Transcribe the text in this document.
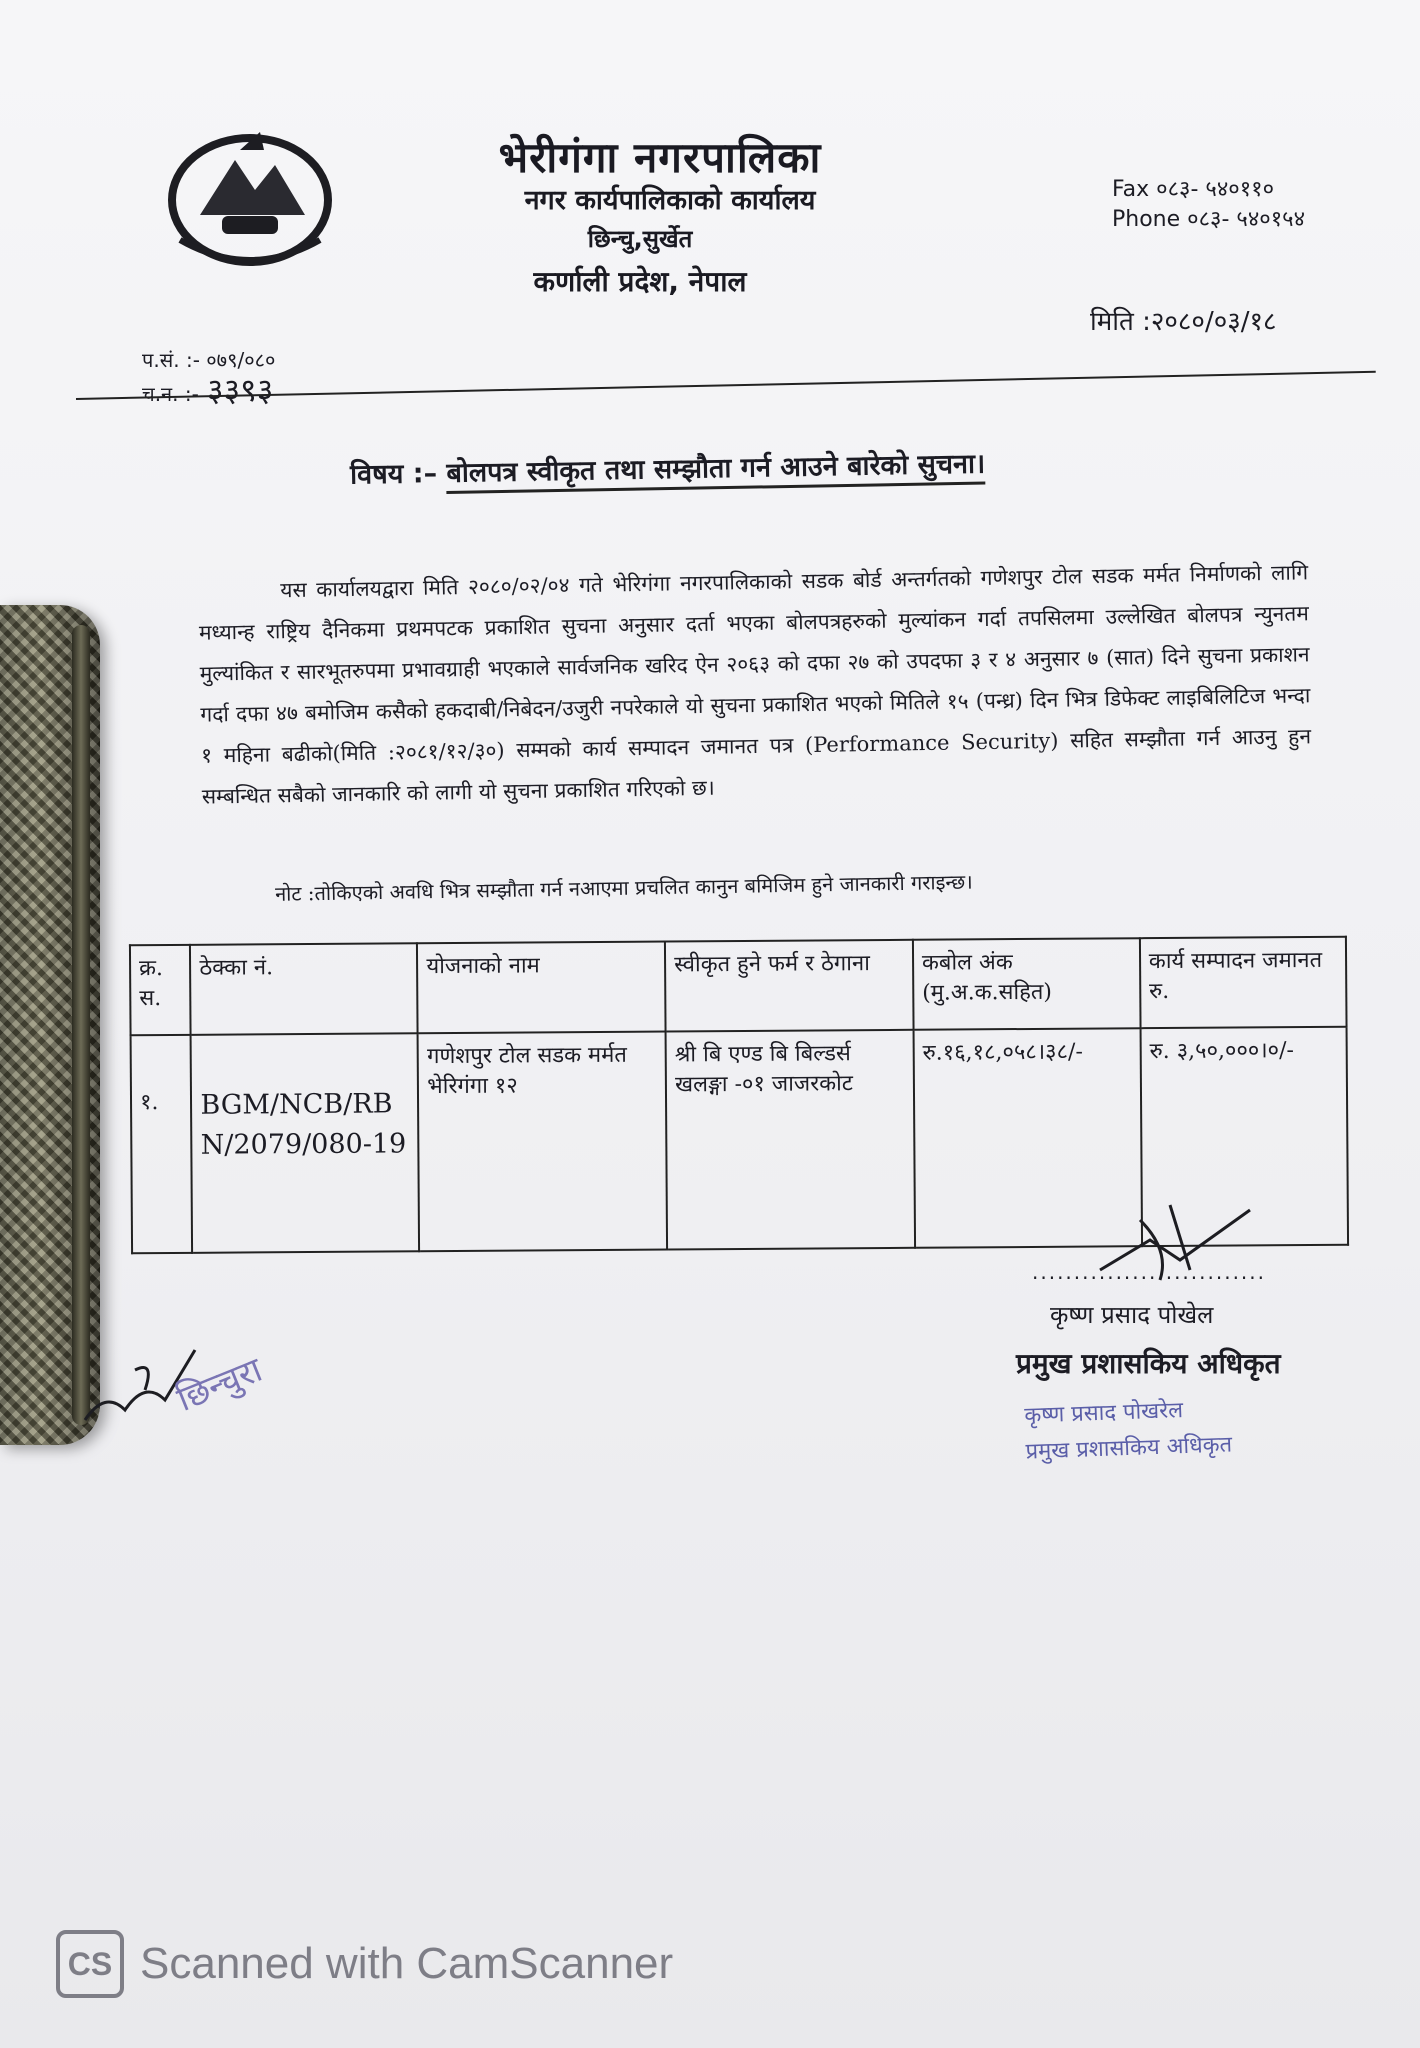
भेरीगंगा नगरपालिका
नगर कार्यपालिकाको कार्यालय
छिन्चु,सुर्खेत
कर्णाली प्रदेश, नेपाल
Fax ०८३- ५४०११०
Phone ०८३- ५४०१५४
मिति :२०८०/०३/१८
प.सं. :- ०७९/०८०
च.न. :- ३३९३
विषय :– बोलपत्र स्वीकृत तथा सम्झौता गर्न आउने बारेको सुचना।
यस कार्यालयद्वारा मिति २०८०/०२/०४ गते भेरिगंगा नगरपालिकाको सडक बोर्ड अन्तर्गतको गणेशपुर टोल सडक मर्मत निर्माणको लागि मध्यान्ह राष्ट्रिय दैनिकमा प्रथमपटक प्रकाशित सुचना अनुसार दर्ता भएका बोलपत्रहरुको मुल्यांकन गर्दा तपसिलमा उल्लेखित बोलपत्र न्युनतम मुल्यांकित र सारभूतरुपमा प्रभावग्राही भएकाले सार्वजनिक खरिद ऐन २०६३ को दफा २७ को उपदफा ३ र ४ अनुसार ७ (सात) दिने सुचना प्रकाशन गर्दा दफा ४७ बमोजिम कसैको हकदाबी/निबेदन/उजुरी नपरेकाले यो सुचना प्रकाशित भएको मितिले १५ (पन्ध्र) दिन भित्र डिफेक्ट लाइबिलिटिज भन्दा १ महिना बढीको(मिति :२०८१/१२/३०) सम्मको कार्य सम्पादन जमानत पत्र (Performance Security) सहित सम्झौता गर्न आउनु हुन सम्बन्धित सबैको जानकारि को लागी यो सुचना प्रकाशित गरिएको छ।
नोट :तोकिएको अवधि भित्र सम्झौता गर्न नआएमा प्रचलित कानुन बमिजिम हुने जानकारी गराइन्छ।
क्र. स.	ठेक्का नं.	योजनाको नाम	स्वीकृत हुने फर्म र ठेगाना	कबोल अंक (मु.अ.क.सहित)	कार्य सम्पादन जमानत रु.
१.	BGM/NCB/RBN/2079/080-19	गणेशपुर टोल सडक मर्मत भेरिगंगा १२	श्री बि एण्ड बि बिल्डर्स खलङ्गा -०१ जाजरकोट	रु.१६,१८,०५८।३८/-	रु. ३,५०,०००।०/-
............................
कृष्ण प्रसाद पोखेल
प्रमुख प्रशासकिय अधिकृत
कृष्ण प्रसाद पोखरेल
प्रमुख प्रशासकिय अधिकृत
छिन्चुरा
CS Scanned with CamScanner
